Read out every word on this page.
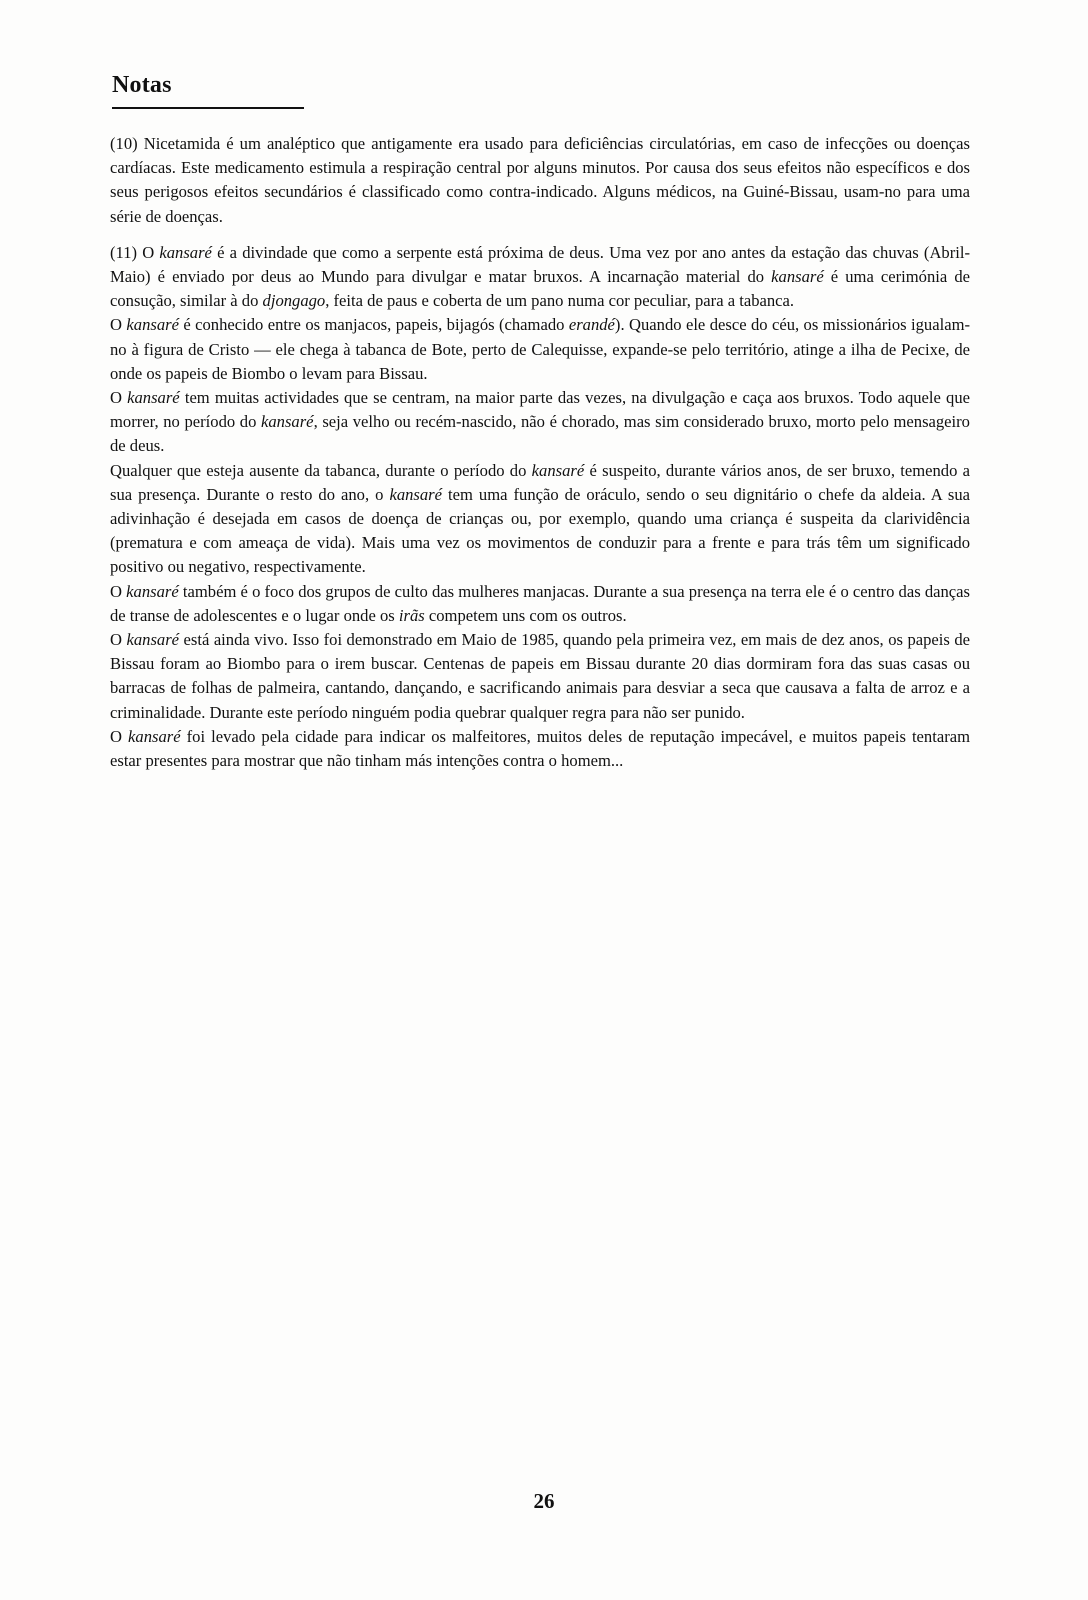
Notas

(10) Nicetamida é um analéptico que antigamente era usado para deficiências circulatórias, em caso de infecções ou doenças cardíacas. Este medicamento estimula a respiração central por alguns minutos. Por causa dos seus efeitos não específicos e dos seus perigosos efeitos secundários é classificado como contra-indicado. Alguns médicos, na Guiné-Bissau, usam-no para uma série de doenças.

(11) O kansaré é a divindade que como a serpente está próxima de deus. Uma vez por ano antes da estação das chuvas (Abril-Maio) é enviado por deus ao Mundo para divulgar e matar bruxos. A incarnação material do kansaré é uma cerimónia de consução, similar à do djongago, feita de paus e coberta de um pano numa cor peculiar, para a tabanca.

O kansaré é conhecido entre os manjacos, papeis, bijagós (chamado erandé). Quando ele desce do céu, os missionários igualam-no à figura de Cristo — ele chega à tabanca de Bote, perto de Calequisse, expande-se pelo território, atinge a ilha de Pecixe, de onde os papeis de Biombo o levam para Bissau.

O kansaré tem muitas actividades que se centram, na maior parte das vezes, na divulgação e caça aos bruxos. Todo aquele que morrer, no período do kansaré, seja velho ou recém-nascido, não é chorado, mas sim considerado bruxo, morto pelo mensageiro de deus.

Qualquer que esteja ausente da tabanca, durante o período do kansaré é suspeito, durante vários anos, de ser bruxo, temendo a sua presença. Durante o resto do ano, o kansaré tem uma função de oráculo, sendo o seu dignitário o chefe da aldeia. A sua adivinhação é desejada em casos de doença de crianças ou, por exemplo, quando uma criança é suspeita da clarividência (prematura e com ameaça de vida). Mais uma vez os movimentos de conduzir para a frente e para trás têm um significado positivo ou negativo, respectivamente.

O kansaré também é o foco dos grupos de culto das mulheres manjacas. Durante a sua presença na terra ele é o centro das danças de transe de adolescentes e o lugar onde os irãs competem uns com os outros.

O kansaré está ainda vivo. Isso foi demonstrado em Maio de 1985, quando pela primeira vez, em mais de dez anos, os papeis de Bissau foram ao Biombo para o irem buscar. Centenas de papeis em Bissau durante 20 dias dormiram fora das suas casas ou barracas de folhas de palmeira, cantando, dançando, e sacrificando animais para desviar a seca que causava a falta de arroz e a criminalidade. Durante este período ninguém podia quebrar qualquer regra para não ser punido.

O kansaré foi levado pela cidade para indicar os malfeitores, muitos deles de reputação impecável, e muitos papeis tentaram estar presentes para mostrar que não tinham más intenções contra o homem...

26
